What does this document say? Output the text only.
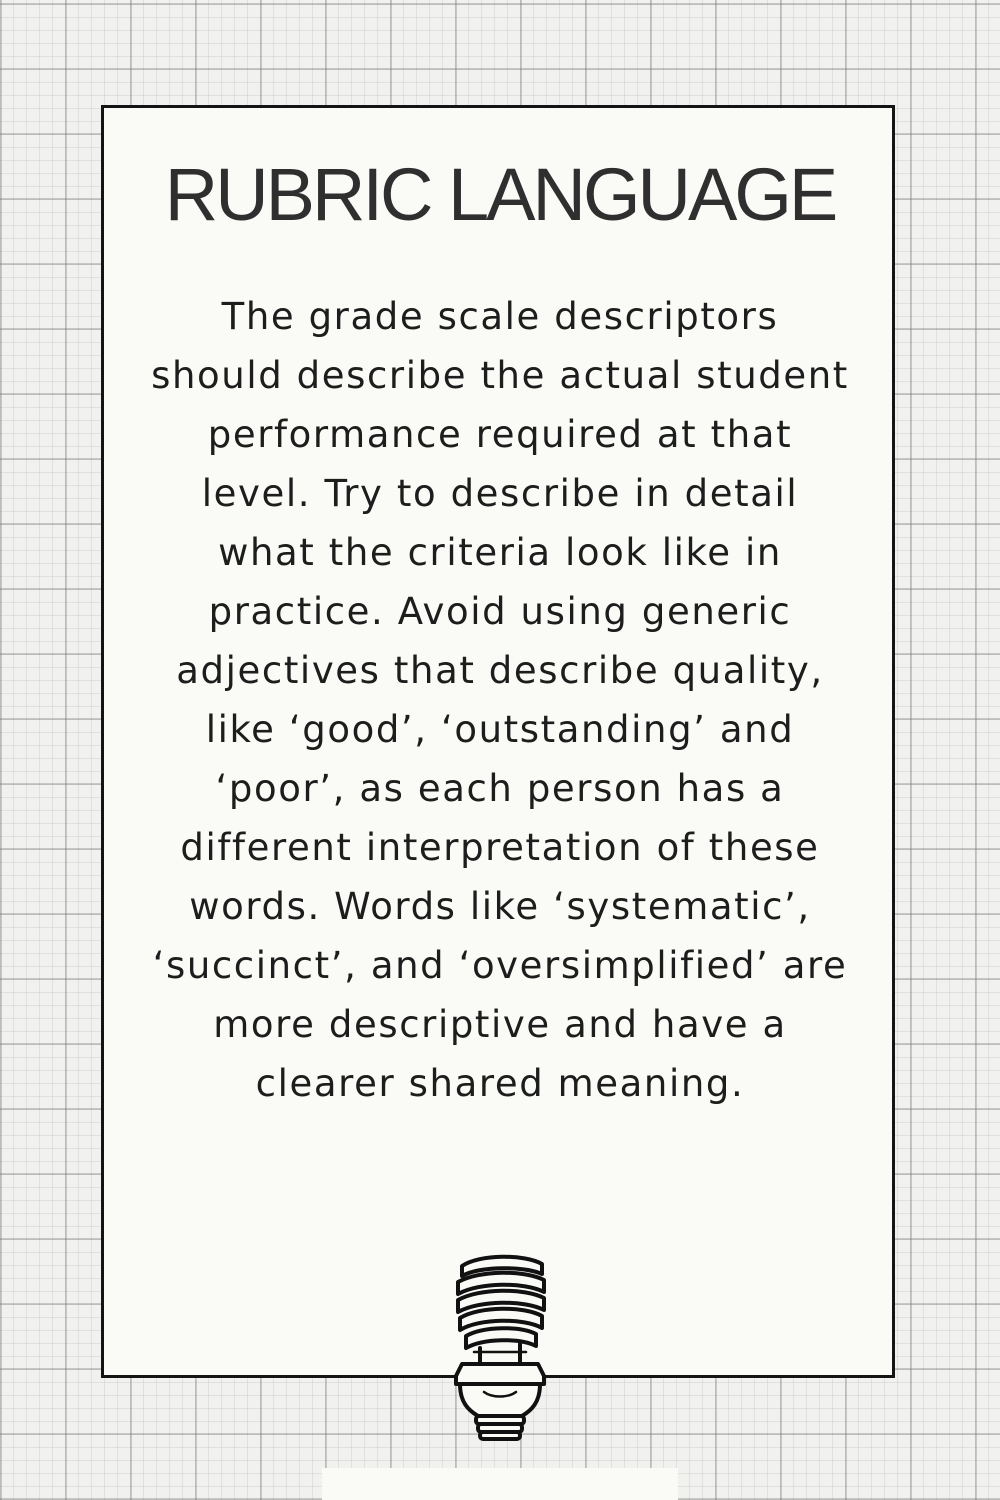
RUBRIC LANGUAGE

The grade scale descriptors should describe the actual student performance required at that level. Try to describe in detail what the criteria look like in practice. Avoid using generic adjectives that describe quality, like ‘good’, ‘outstanding’ and ‘poor’, as each person has a different interpretation of these words. Words like ‘systematic’, ‘succinct’, and ‘oversimplified’ are more descriptive and have a clearer shared meaning.
